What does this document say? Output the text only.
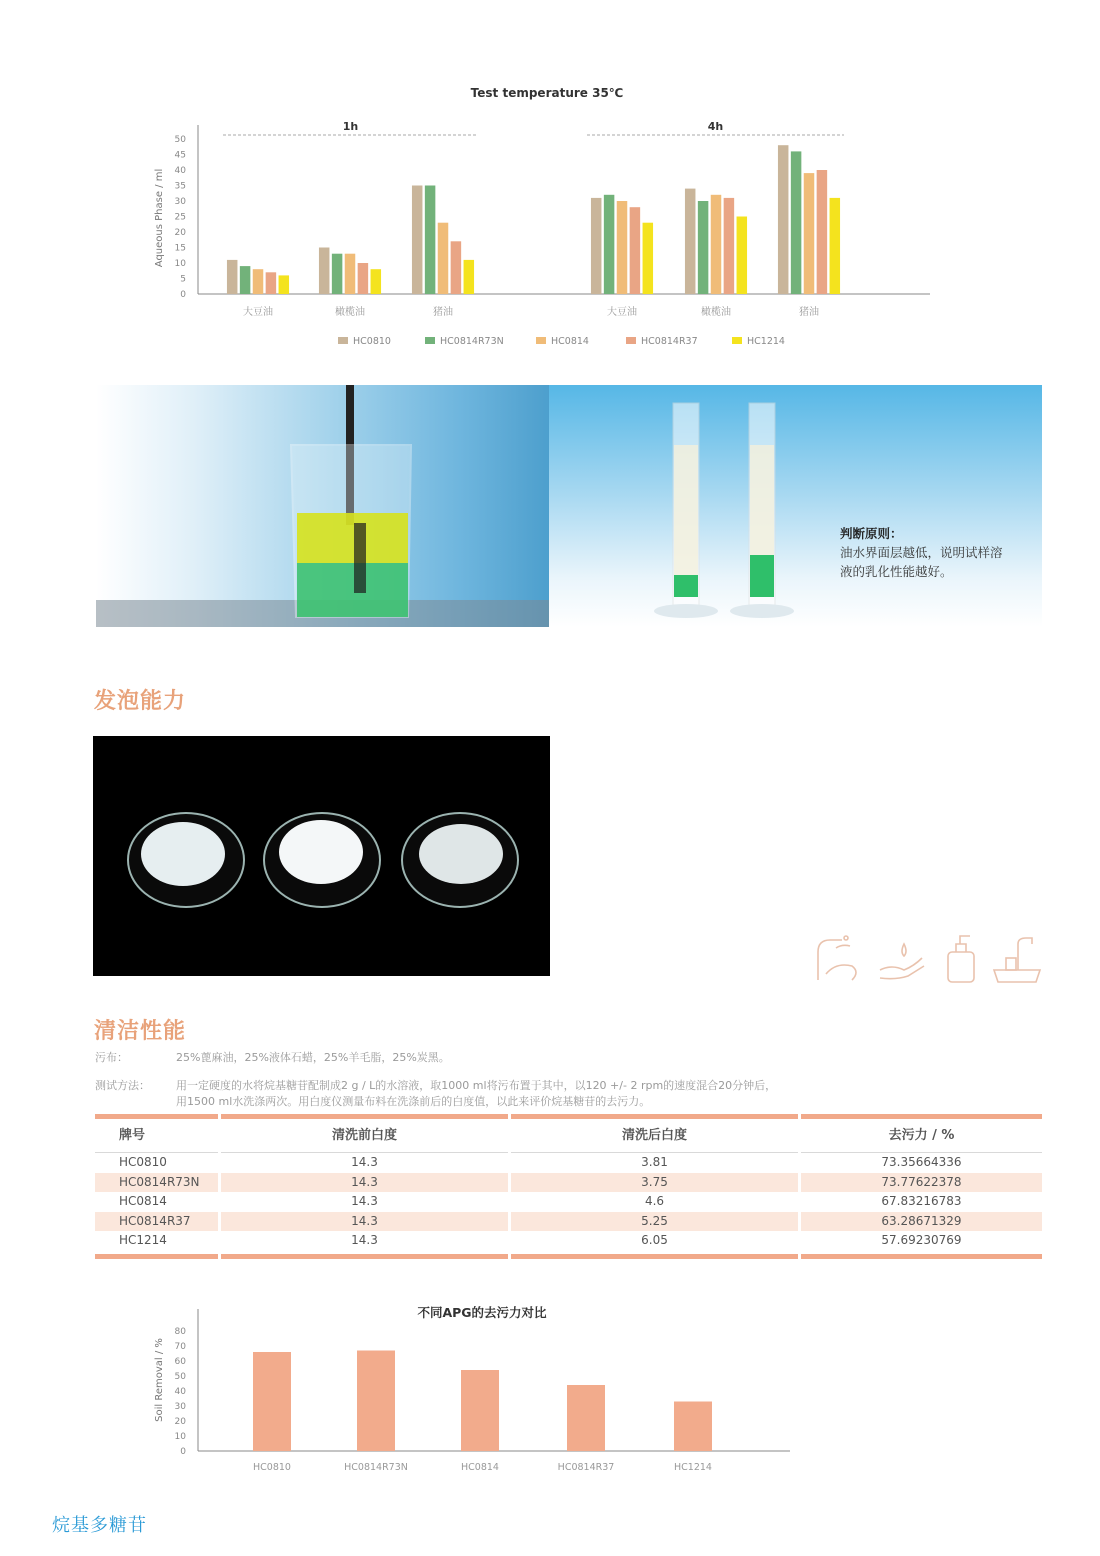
Test temperature 35℃
Aqueous Phase / ml
0
5
10
15
20
25
30
35
40
45
50
1h	4h
大豆油	橄榄油	猪油	大豆油	橄榄油	猪油
HC0810	HC0814R73N	HC0814	HC0814R37	HC1214
判断原则：
油水界面层越低，说明试样溶
液的乳化性能越好。
发泡能力
清洁性能
污布：	25%蓖麻油，25%液体石蜡，25%羊毛脂，25%炭黑。
测试方法： 用一定硬度的水将烷基糖苷配制成2 g / L的水溶液，取1000 ml将污布置于其中，以120 +/- 2 rpm的速度混合20分钟后，
用1500 ml水洗涤两次。用白度仪测量布料在洗涤前后的白度值，以此来评价烷基糖苷的去污力。
牌号	清洗前白度	清洗后白度	去污力 / %
HC0810	14.3	3.81	73.35664336
HC0814R73N	14.3	3.75	73.77622378
HC0814	14.3	4.6	67.83216783
HC0814R37	14.3	5.25	63.28671329
HC1214	14.3	6.05	57.69230769
不同APG的去污力对比
Soil Removal / %
0
10
20
30
40
50
60
70
80
HC0810	HC0814R73N	HC0814	HC0814R37	HC1214
烷基多糖苷
